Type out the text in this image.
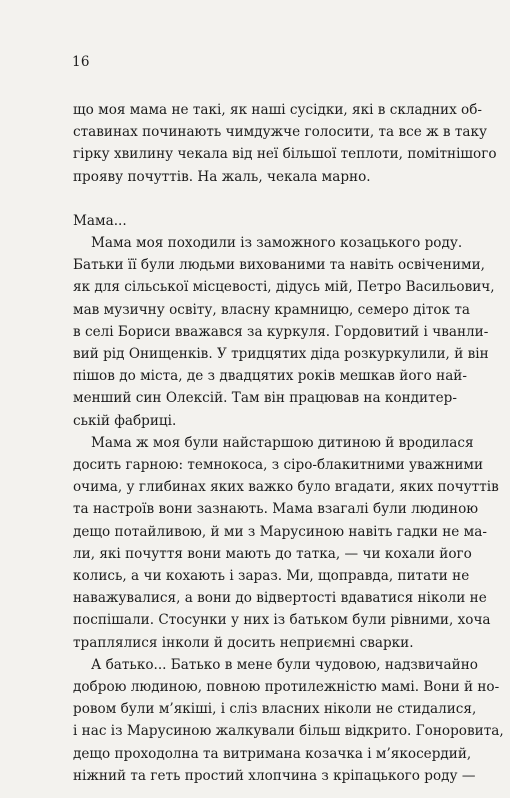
16
що моя мама не такі, як наші сусідки, які в складних об-
ставинах починають чимдужче голосити, та все ж в таку
гірку хвилину чекала від неї більшої теплоти, помітнішого
прояву почуттів. На жаль, чекала марно.
Мама...
Мама моя походили із заможного козацького роду.
Батьки її були людьми вихованими та навіть освіченими,
як для сільської місцевості, дідусь мій, Петро Васильович,
мав музичну освіту, власну крамницю, семеро діток та
в селі Бориси вважався за куркуля. Гордовитий і чванли-
вий рід Онищенків. У тридцятих діда розкуркулили, й він
пішов до міста, де з двадцятих років мешкав його най-
менший син Олексій. Там він працював на кондитер-
ській фабриці.
Мама ж моя були найстаршою дитиною й вродилася
досить гарною: темнокоса, з сіро-блакитними уважними
очима, у глибинах яких важко було вгадати, яких почуттів
та настроїв вони зазнають. Мама взагалі були людиною
дещо потайливою, й ми з Марусиною навіть гадки не ма-
ли, які почуття вони мають до татка, — чи кохали його
колись, а чи кохають і зараз. Ми, щоправда, питати не
наважувалися, а вони до відвертості вдаватися ніколи не
поспішали. Стосунки у них із батьком були рівними, хоча
траплялися інколи й досить неприємні сварки.
А батько... Батько в мене були чудовою, надзвичайно
доброю людиною, повною протилежністю мамі. Вони й но-
ровом були м’якіші, і сліз власних ніколи не стидалися,
і нас із Марусиною жалкували більш відкрито. Гоноровита,
дещо проходолна та витримана козачка і м’якосердий,
ніжний та геть простий хлопчина з кріпацького роду —
